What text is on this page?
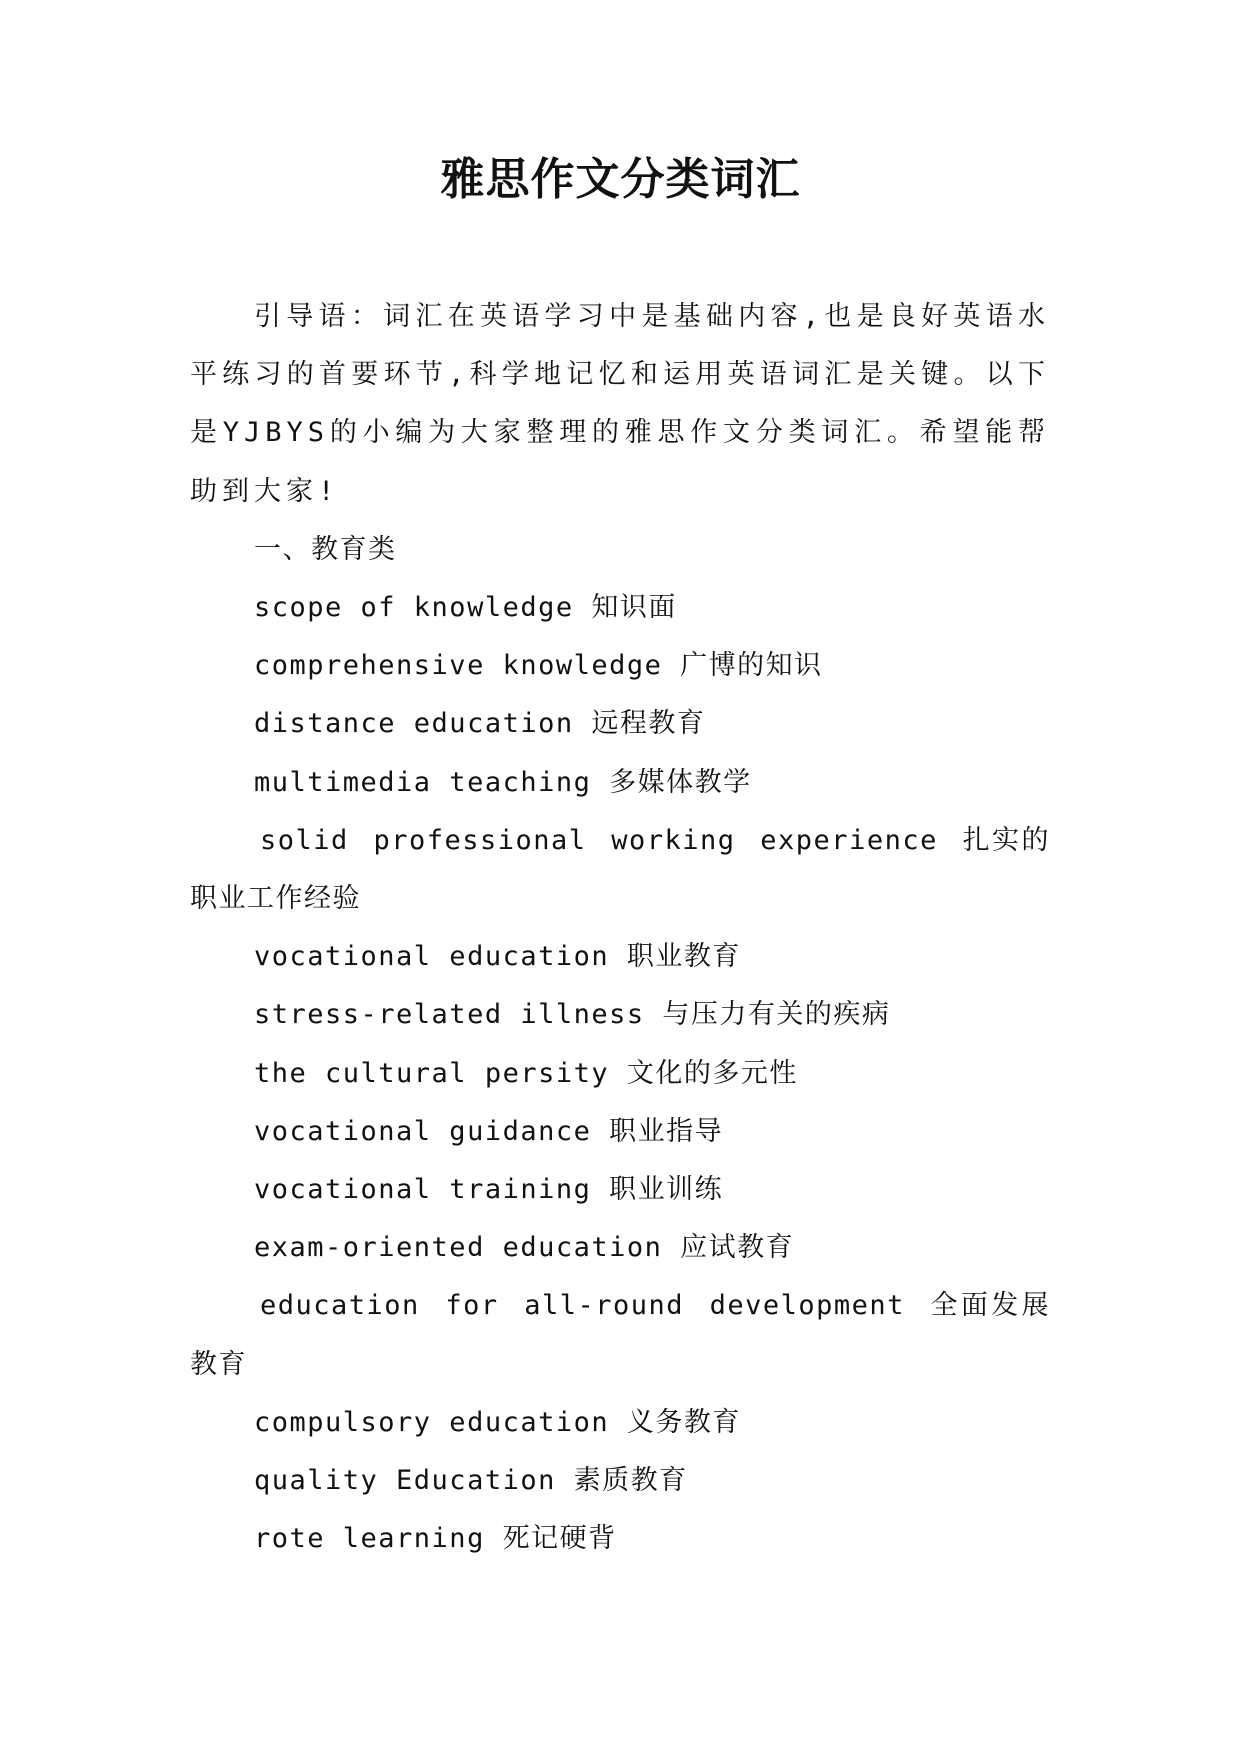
雅思作文分类词汇

引导语：词汇在英语学习中是基础内容,也是良好英语水平练习的首要环节,科学地记忆和运用英语词汇是关键。以下是YJBYS的小编为大家整理的雅思作文分类词汇。希望能帮助到大家!

一、教育类

scope of knowledge 知识面

comprehensive knowledge 广博的知识

distance education 远程教育

multimedia teaching 多媒体教学

solid professional working experience 扎实的职业工作经验

vocational education 职业教育

stress-related illness 与压力有关的疾病

the cultural persity 文化的多元性

vocational guidance 职业指导

vocational training 职业训练

exam-oriented education 应试教育

education for all-round development 全面发展教育

compulsory education 义务教育

quality Education 素质教育

rote learning 死记硬背
